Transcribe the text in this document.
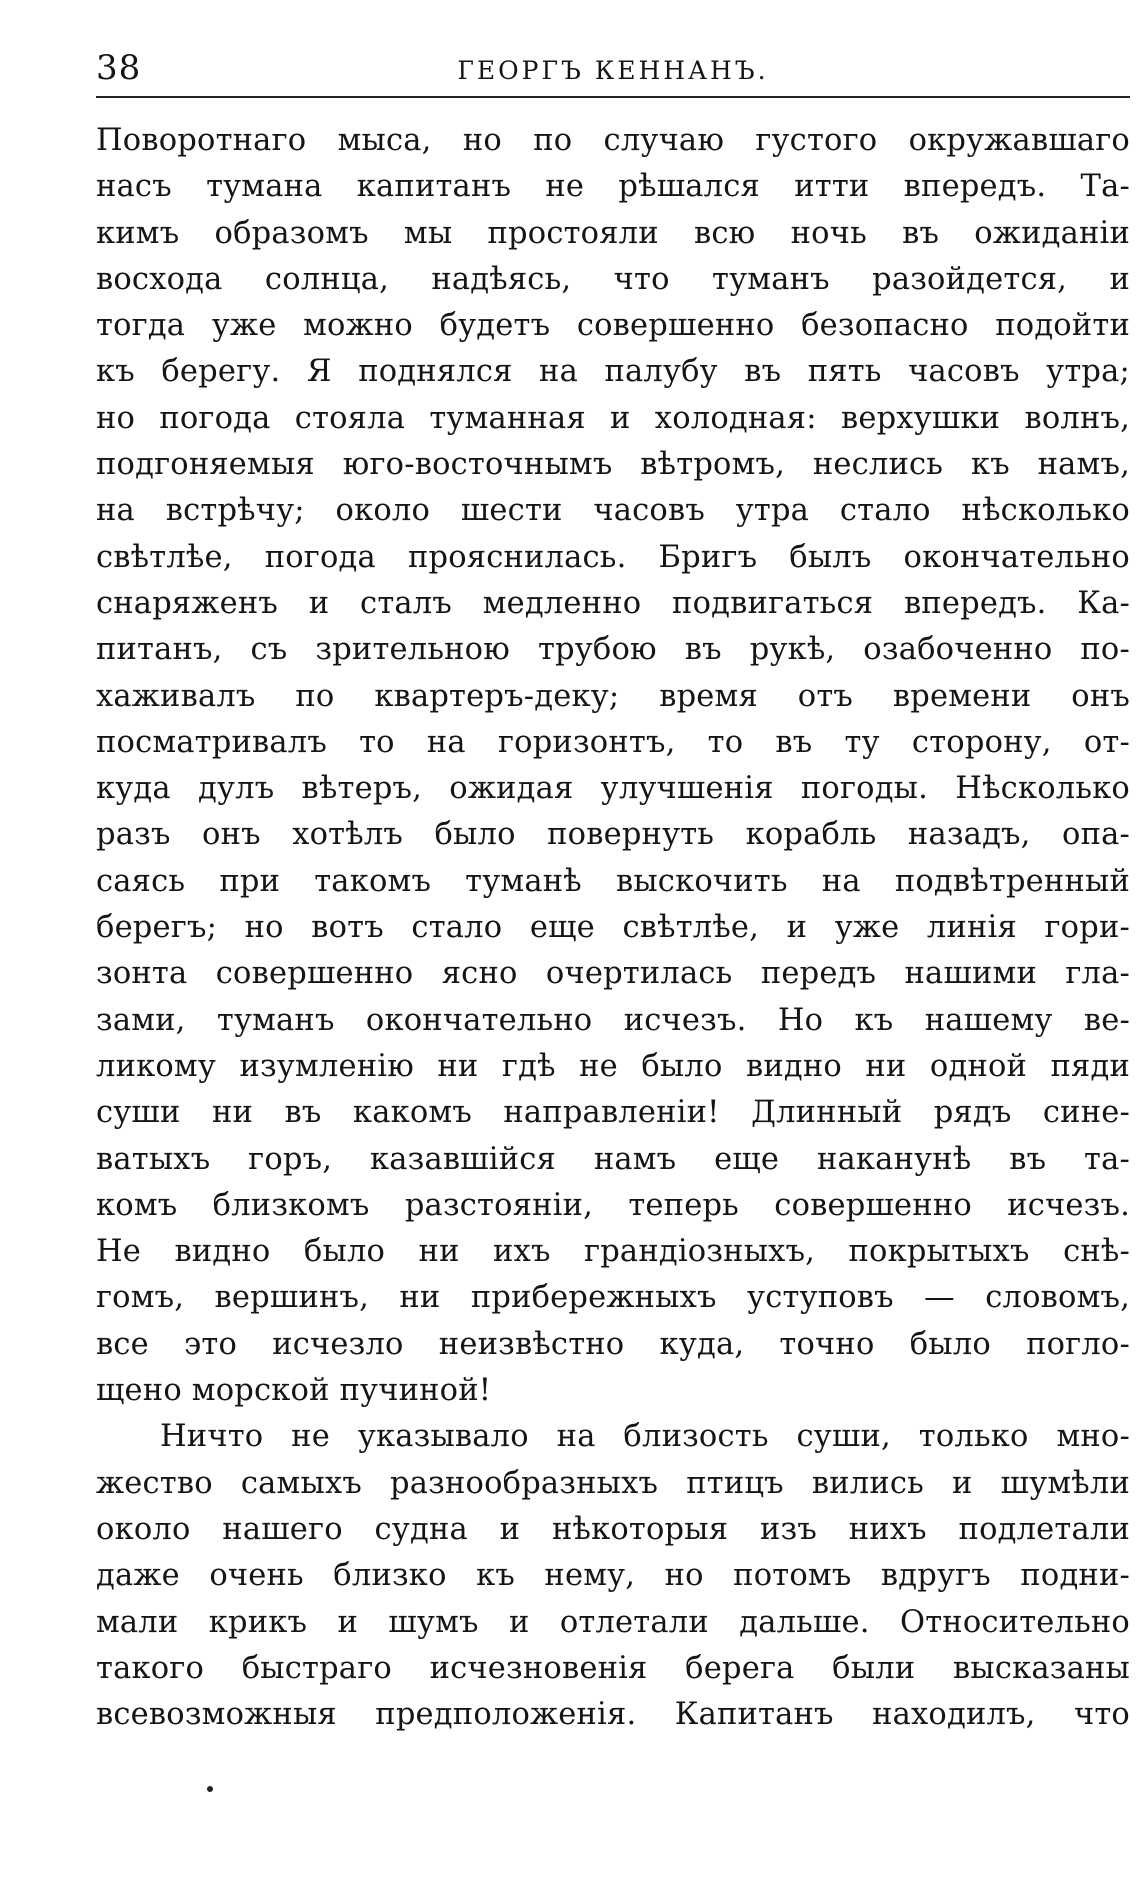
38	ГЕОРГЪ КЕННАНЪ.
Поворотнаго мыса, но по случаю густого окружавшаго
насъ тумана капитанъ не рѣшался итти впередъ. Та-
кимъ образомъ мы простояли всю ночь въ ожиданіи
восхода солнца, надѣясь, что туманъ разойдется, и
тогда уже можно будетъ совершенно безопасно подойти
къ берегу. Я поднялся на палубу въ пять часовъ утра;
но погода стояла туманная и холодная: верхушки волнъ,
подгоняемыя юго-восточнымъ вѣтромъ, неслись къ намъ,
на встрѣчу; около шести часовъ утра стало нѣсколько
свѣтлѣе, погода прояснилась. Бригъ былъ окончательно
снаряженъ и сталъ медленно подвигаться впередъ. Ка-
питанъ, съ зрительною трубою въ рукѣ, озабоченно по-
хаживалъ по квартеръ-деку; время отъ времени онъ
посматривалъ то на горизонтъ, то въ ту сторону, от-
куда дулъ вѣтеръ, ожидая улучшенія погоды. Нѣсколько
разъ онъ хотѣлъ было повернуть корабль назадъ, опа-
саясь при такомъ туманѣ выскочить на подвѣтренный
берегъ; но вотъ стало еще свѣтлѣе, и уже линія гори-
зонта совершенно ясно очертилась передъ нашими гла-
зами, туманъ окончательно исчезъ. Но къ нашему ве-
ликому изумленію ни гдѣ не было видно ни одной пяди
суши ни въ какомъ направленіи! Длинный рядъ сине-
ватыхъ горъ, казавшійся намъ еще наканунѣ въ та-
комъ близкомъ разстояніи, теперь совершенно исчезъ.
Не видно было ни ихъ грандіозныхъ, покрытыхъ снѣ-
гомъ, вершинъ, ни прибережныхъ уступовъ — словомъ,
все это исчезло неизвѣстно куда, точно было погло-
щено морской пучиной!
Ничто не указывало на близость суши, только мно-
жество самыхъ разнообразныхъ птицъ вились и шумѣли
около нашего судна и нѣкоторыя изъ нихъ подлетали
даже очень близко къ нему, но потомъ вдругъ подни-
мали крикъ и шумъ и отлетали дальше. Относительно
такого быстраго исчезновенія берега были высказаны
всевозможныя предположенія. Капитанъ находилъ, что
